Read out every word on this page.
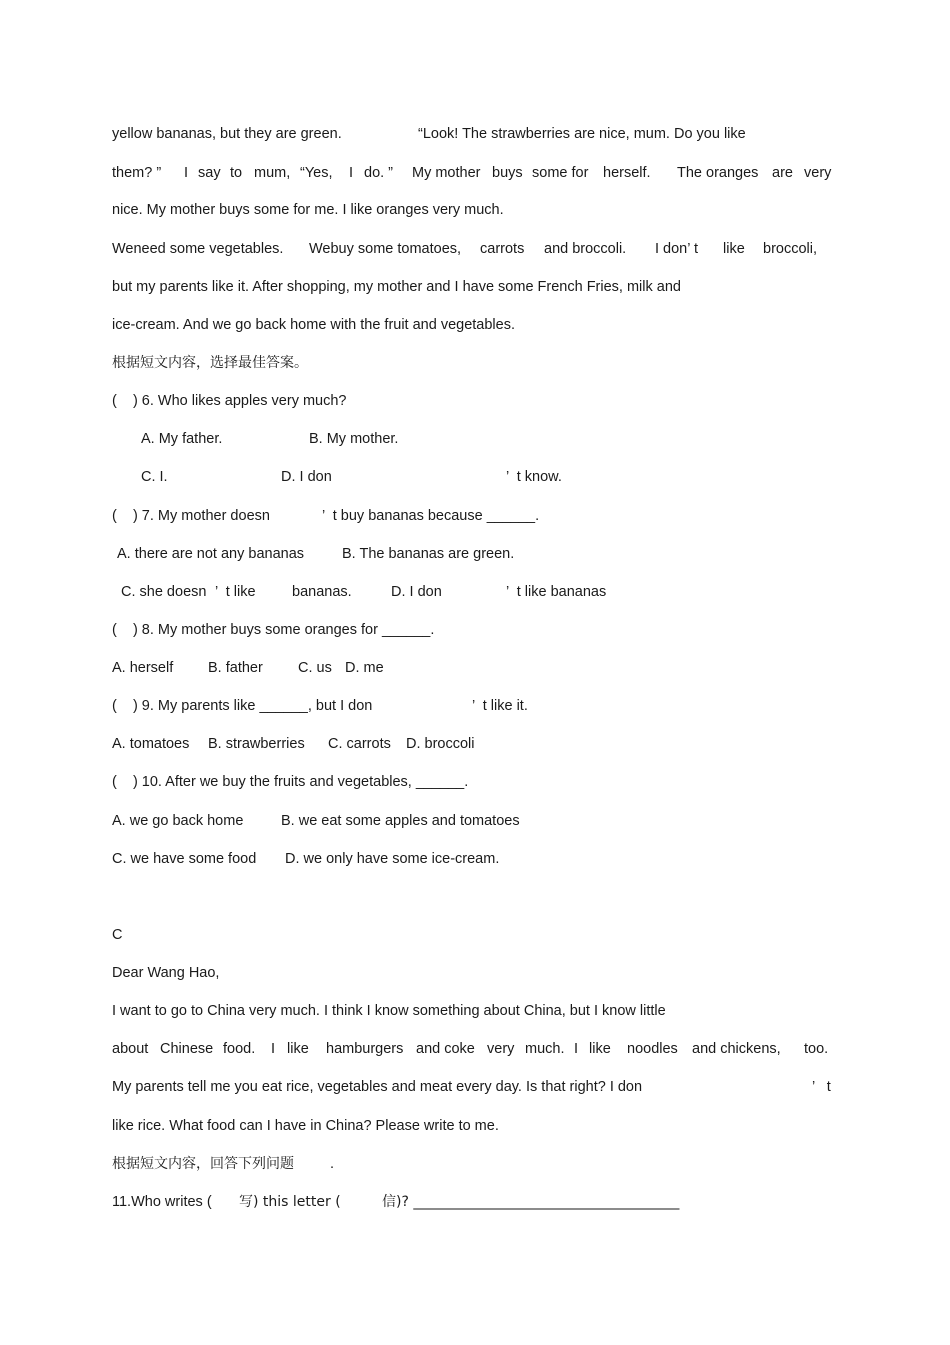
yellow bananas, but they are green.	“Look! The strawberries are nice, mum. Do you like

them? ”

I

say

to

mum,

“Yes,

I

do. ”

My mother

buys

some for

herself.

The oranges

are

very

nice. My mother buys some for me. I like oranges very much.

Weneed some vegetables.

Webuy some tomatoes,

carrots

and broccoli.

I don’ t

like

broccoli,

but my parents like it. After shopping, my mother and I have some French Fries, milk and
ice-cream. And we go back home with the fruit and vegetables.
根据短文内容，选择最佳答案。
(    ) 6. Who likes apples very much?
A. My father.	B. My mother.
C. I.	D. I don	’  t know.
(    ) 7. My mother doesn	’  t buy bananas because ______.
A. there are not any bananas	B. The bananas are green.
C. she doesn ’  t like	bananas.	D. I don	’  t like bananas
(    ) 8. My mother buys some oranges for ______.
A. herself B. father C. us D. me
(    ) 9. My parents like ______, but I don	’  t like it.
A. tomatoes B. strawberries C. carrots D. broccoli
(    ) 10. After we buy the fruits and vegetables, ______.
A. we go back home	B. we eat some apples and tomatoes
C. we have some food D. we only have some ice-cream.
C
Dear Wang Hao,
I want to go to China very much. I think I know something about China, but I know little

about

Chinese

food.

I

like

hamburgers

and coke

very

much.

I

like

noodles

and chickens,

too.

My parents tell me you eat rice, vegetables and meat every day. Is that right? I don	’   t
like rice. What food can I have in China? Please write to me.
根据短文内容，回答下列问题 .
11.Who writes ( 写) this letter (	信)? ______________________________________
